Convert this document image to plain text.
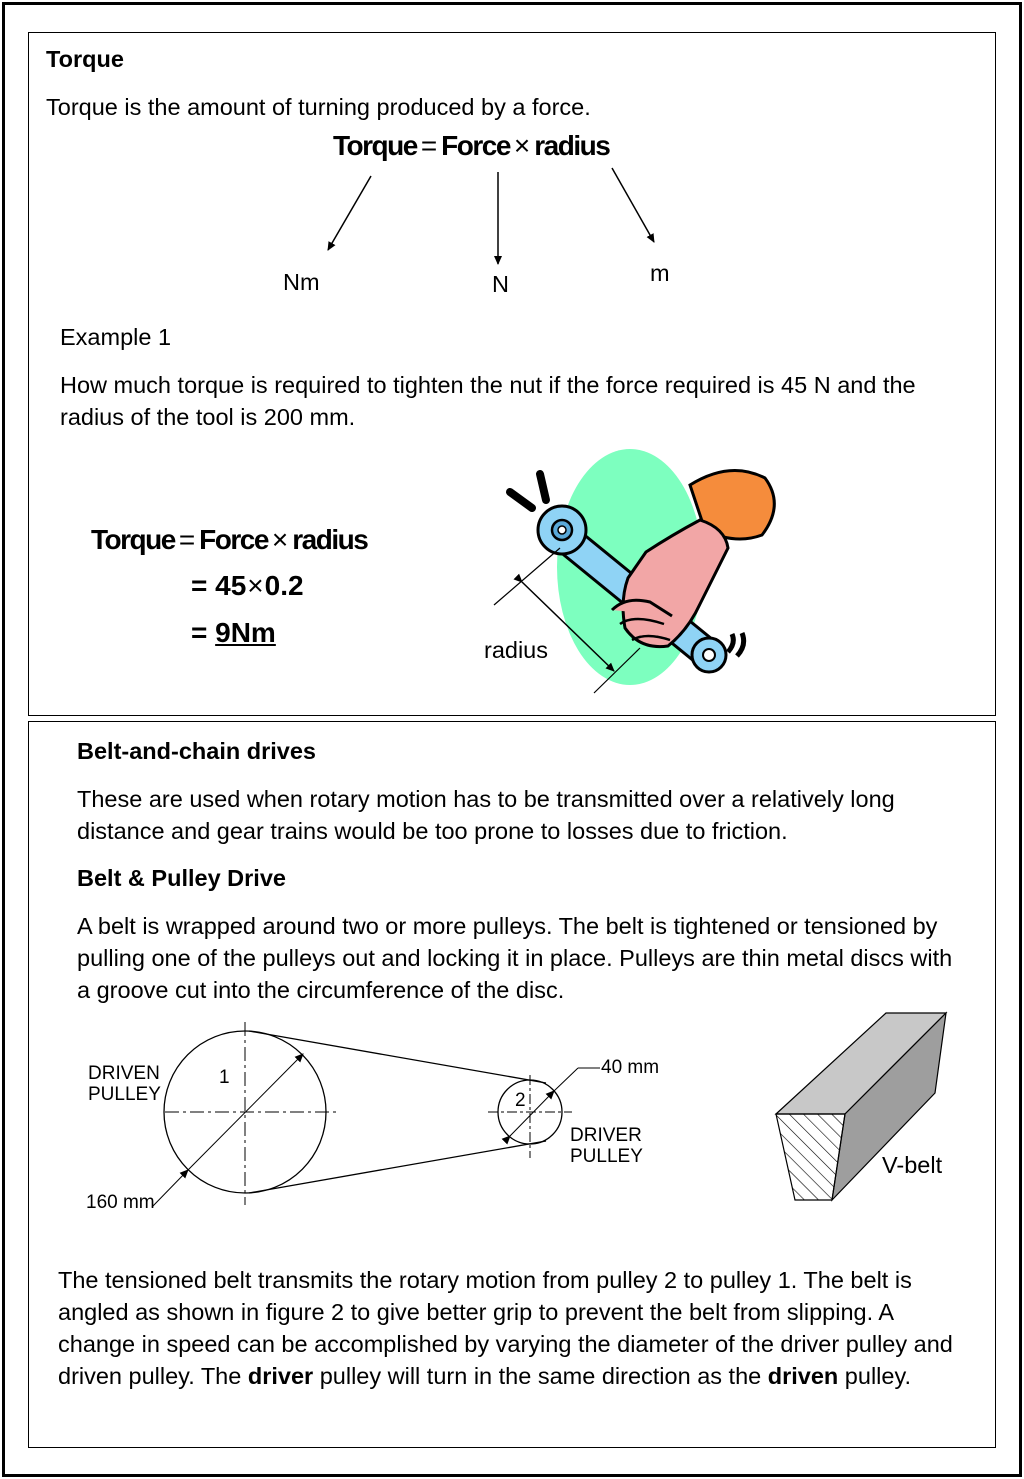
Torque
Torque is the amount of turning produced by a force.
Torque = Force × radius
Nm	N	m
Example 1
How much torque is required to tighten the nut if the force required is 45 N and the radius of the tool is 200 mm.
Torque = Force × radius
= 45×0.2
= 9Nm
radius
Belt-and-chain drives
These are used when rotary motion has to be transmitted over a relatively long distance and gear trains would be too prone to losses due to friction.
Belt & Pulley Drive
A belt is wrapped around two or more pulleys. The belt is tightened or tensioned by pulling one of the pulleys out and locking it in place. Pulleys are thin metal discs with a groove cut into the circumference of the disc.
DRIVEN
PULLEY
1
2
DRIVER
PULLEY
160 mm
40 mm
V-belt
The tensioned belt transmits the rotary motion from pulley 2 to pulley 1. The belt is angled as shown in figure 2 to give better grip to prevent the belt from slipping. A change in speed can be accomplished by varying the diameter of the driver pulley and driven pulley. The driver pulley will turn in the same direction as the driven pulley.
